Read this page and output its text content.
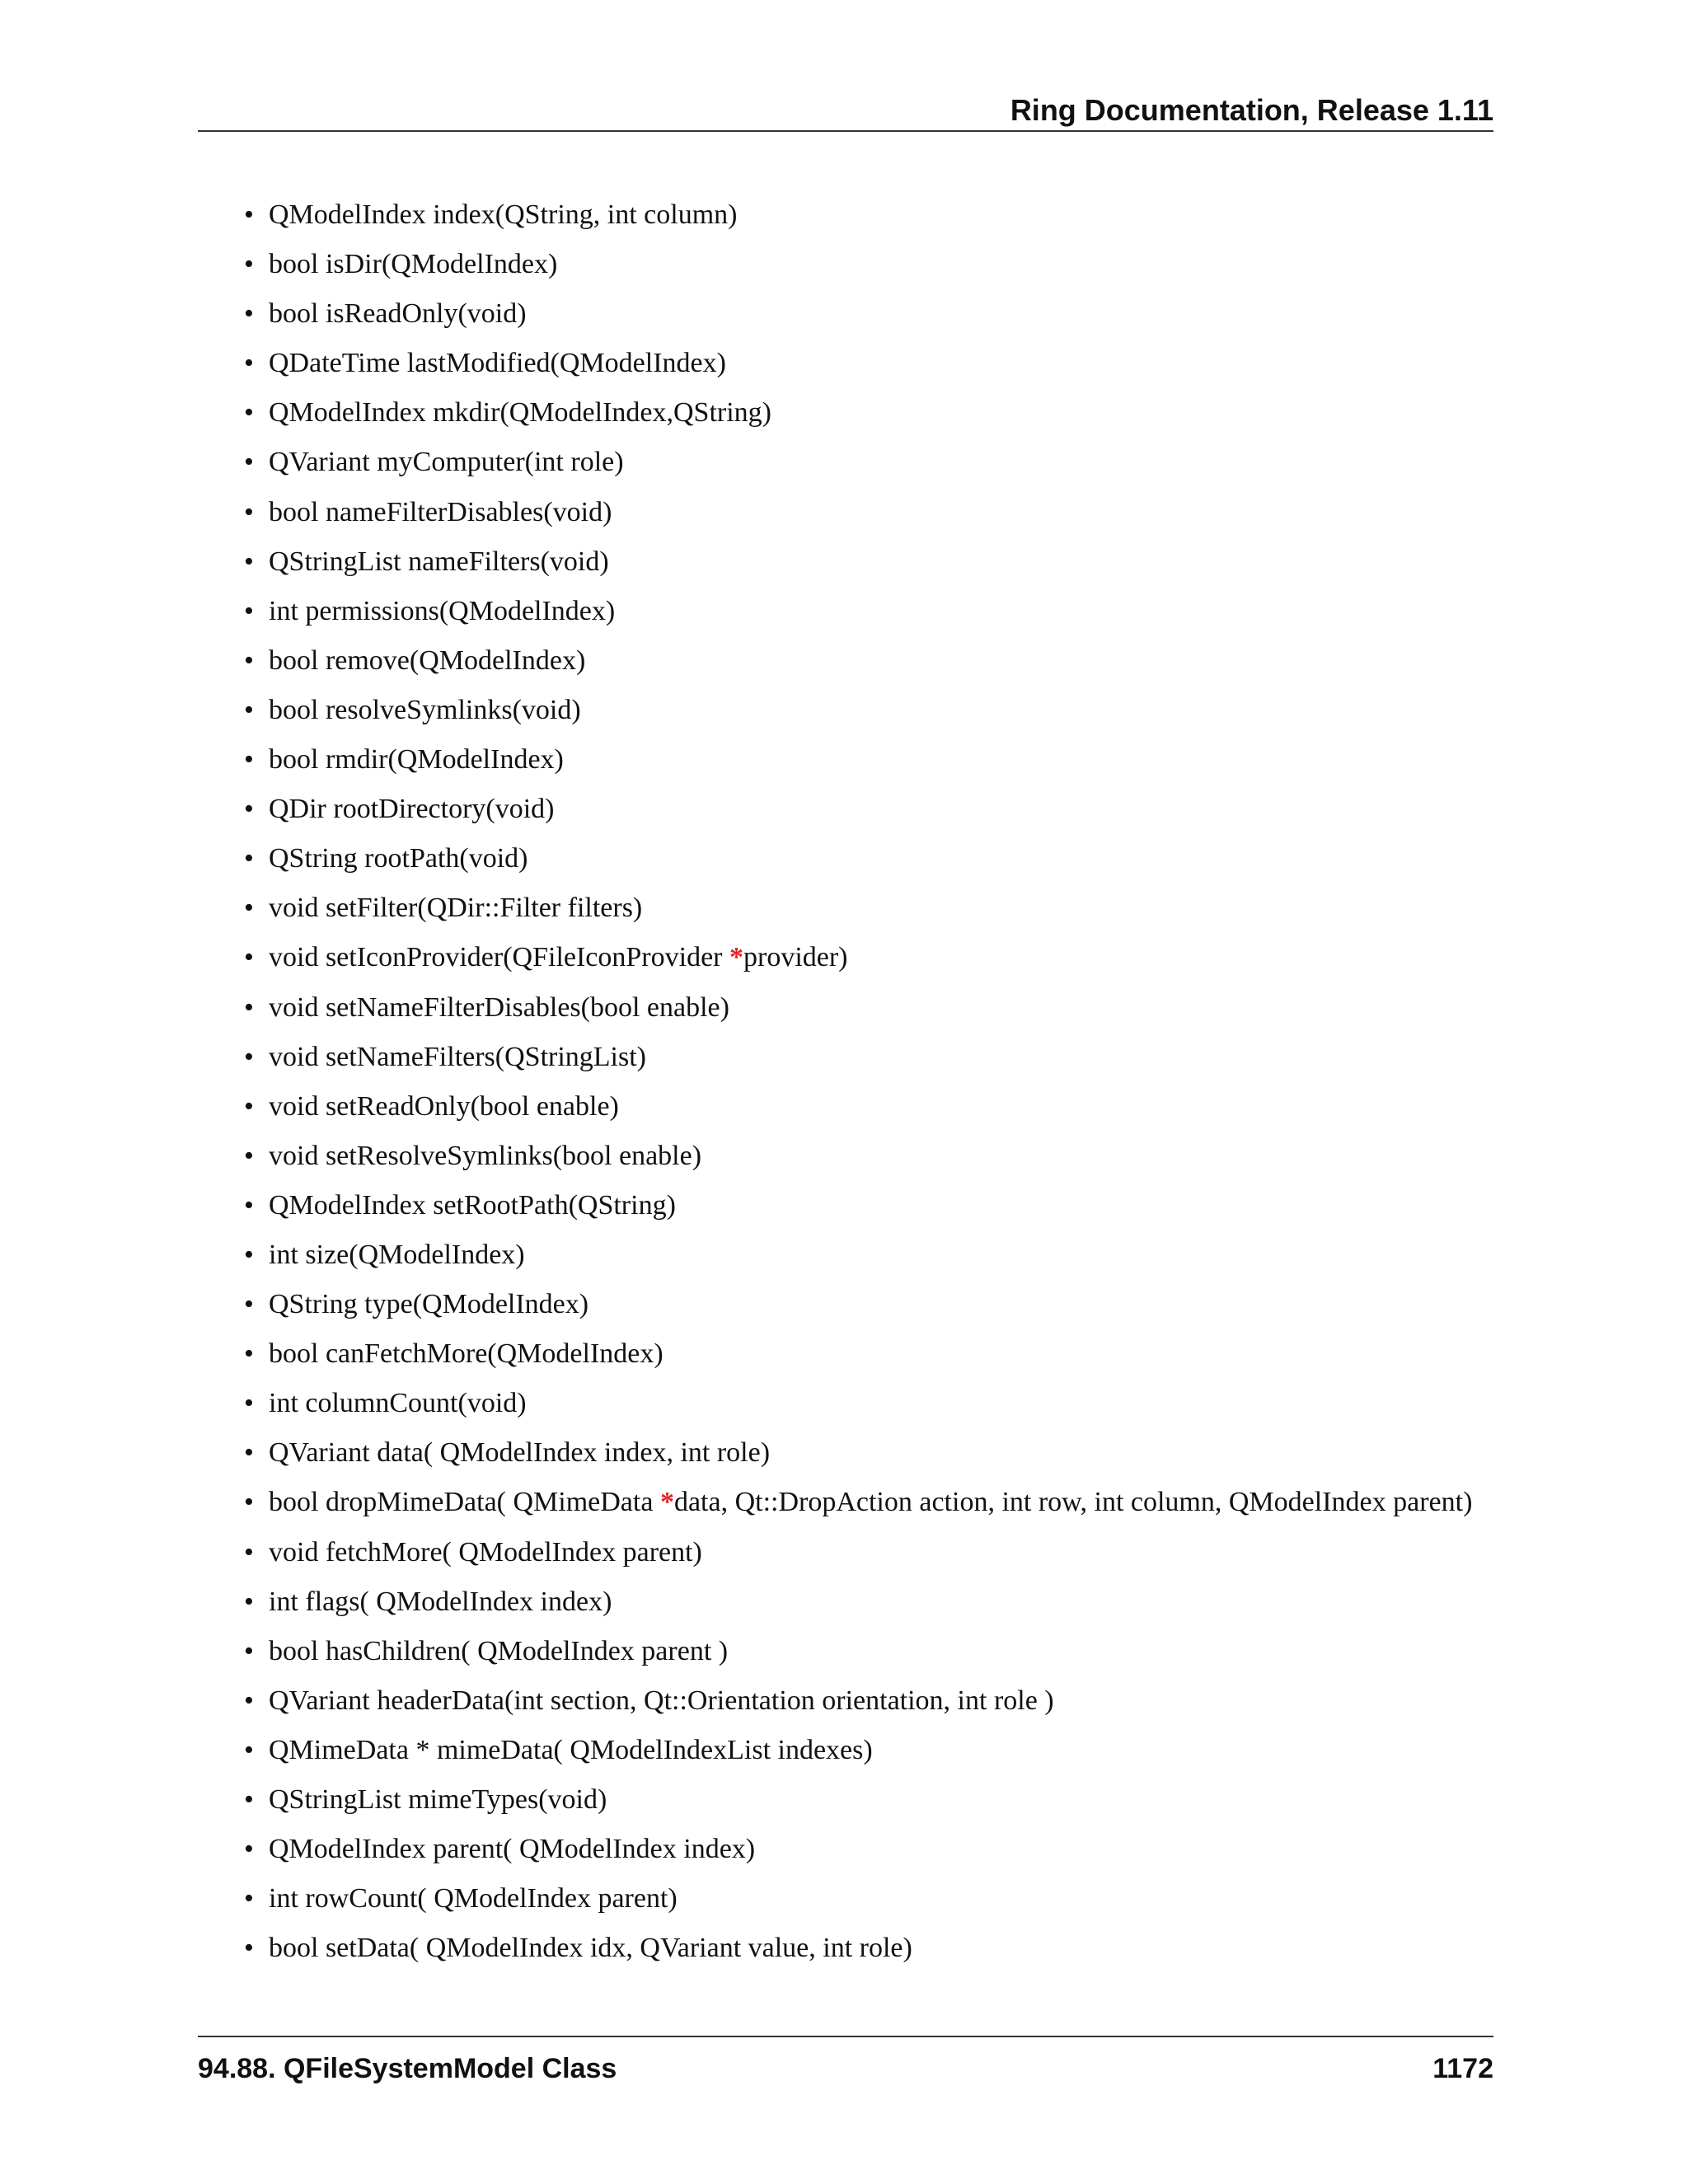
Ring Documentation, Release 1.11
• QModelIndex index(QString, int column)
• bool isDir(QModelIndex)
• bool isReadOnly(void)
• QDateTime lastModified(QModelIndex)
• QModelIndex mkdir(QModelIndex,QString)
• QVariant myComputer(int role)
• bool nameFilterDisables(void)
• QStringList nameFilters(void)
• int permissions(QModelIndex)
• bool remove(QModelIndex)
• bool resolveSymlinks(void)
• bool rmdir(QModelIndex)
• QDir rootDirectory(void)
• QString rootPath(void)
• void setFilter(QDir::Filter filters)
• void setIconProvider(QFileIconProvider *provider)
• void setNameFilterDisables(bool enable)
• void setNameFilters(QStringList)
• void setReadOnly(bool enable)
• void setResolveSymlinks(bool enable)
• QModelIndex setRootPath(QString)
• int size(QModelIndex)
• QString type(QModelIndex)
• bool canFetchMore(QModelIndex)
• int columnCount(void)
• QVariant data( QModelIndex index, int role)
• bool dropMimeData( QMimeData *data, Qt::DropAction action, int row, int column, QModelIndex parent)
• void fetchMore( QModelIndex parent)
• int flags( QModelIndex index)
• bool hasChildren( QModelIndex parent )
• QVariant headerData(int section, Qt::Orientation orientation, int role )
• QMimeData * mimeData( QModelIndexList indexes)
• QStringList mimeTypes(void)
• QModelIndex parent( QModelIndex index)
• int rowCount( QModelIndex parent)
• bool setData( QModelIndex idx, QVariant value, int role)
94.88. QFileSystemModel Class	1172
